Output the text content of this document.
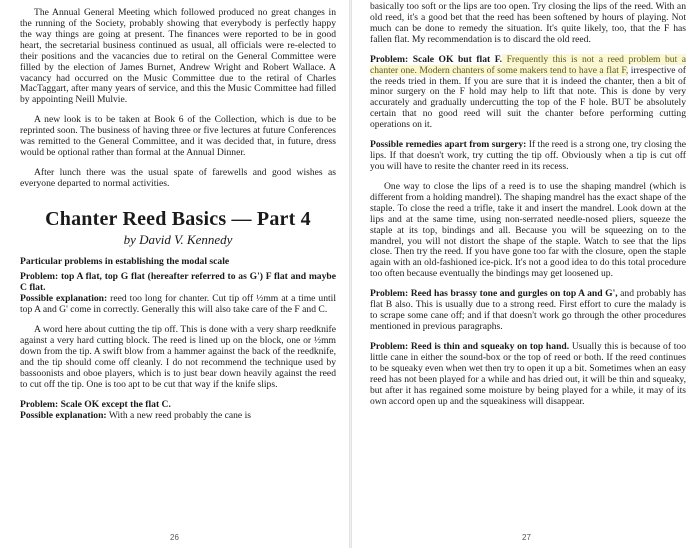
The Annual General Meeting which followed produced no great changes in the running of the Society, probably showing that everybody is perfectly happy the way things are going at present. The finances were reported to be in good heart, the secretarial business continued as usual, all officials were re-elected to their positions and the vacancies due to retiral on the General Committee were filled by the election of James Burnet, Andrew Wright and Robert Wallace. A vacancy had occurred on the Music Committee due to the retiral of Charles MacTaggart, after many years of service, and this the Music Committee had filled by appointing Neill Mulvie.

A new look is to be taken at Book 6 of the Collection, which is due to be reprinted soon. The business of having three or five lectures at future Conferences was remitted to the General Committee, and it was decided that, in future, dress would be optional rather than formal at the Annual Dinner.

After lunch there was the usual spate of farewells and good wishes as everyone departed to normal activities.

Chanter Reed Basics — Part 4
by David V. Kennedy

Particular problems in establishing the modal scale

Problem: top A flat, top G flat (hereafter referred to as G') F flat and maybe C flat.

Possible explanation: reed too long for chanter. Cut tip off ½mm at a time until top A and G' come in correctly. Generally this will also take care of the F and C.

A word here about cutting the tip off. This is done with a very sharp reedknife against a very hard cutting block. The reed is lined up on the block, one or ½mm down from the tip. A swift blow from a hammer against the back of the reedknife, and the tip should come off cleanly. I do not recommend the technique used by bassoonists and oboe players, which is to just bear down heavily against the reed to cut off the tip. One is too apt to be cut that way if the knife slips.

Problem: Scale OK except the flat C.

Possible explanation: With a new reed probably the cane is

26

basically too soft or the lips are too open. Try closing the lips of the reed. With an old reed, it's a good bet that the reed has been softened by hours of playing. Not much can be done to remedy the situation. It's quite likely, too, that the F has fallen flat. My recommendation is to discard the old reed.

Problem: Scale OK but flat F. Frequently this is not a reed problem but a chanter one. Modern chanters of some makers tend to have a flat F, irrespective of the reeds tried in them. If you are sure that it is indeed the chanter, then a bit of minor surgery on the F hold may help to lift that note. This is done by very accurately and gradually undercutting the top of the F hole. BUT be absolutely certain that no good reed will suit the chanter before performing cutting operations on it.

Possible remedies apart from surgery: If the reed is a strong one, try closing the lips. If that doesn't work, try cutting the tip off. Obviously when a tip is cut off you will have to resite the chanter reed in its recess.

One way to close the lips of a reed is to use the shaping mandrel (which is different from a holding mandrel). The shaping mandrel has the exact shape of the staple. To close the reed a trifle, take it and insert the mandrel. Look down at the lips and at the same time, using non-serrated needle-nosed pliers, squeeze the staple at its top, bindings and all. Because you will be squeezing on to the mandrel, you will not distort the shape of the staple. Watch to see that the lips close. Then try the reed. If you have gone too far with the closure, open the staple again with an old-fashioned ice-pick. It's not a good idea to do this total procedure too often because eventually the bindings may get loosened up.

Problem: Reed has brassy tone and gurgles on top A and G', and probably has flat B also. This is usually due to a strong reed. First effort to cure the malady is to scrape some cane off; and if that doesn't work go through the other procedures mentioned in previous paragraphs.

Problem: Reed is thin and squeaky on top hand. Usually this is because of too little cane in either the sound-box or the top of reed or both. If the reed continues to be squeaky even when wet then try to open it up a bit. Sometimes when an easy reed has not been played for a while and has dried out, it will be thin and squeaky, but after it has regained some moisture by being played for a while, it may of its own accord open up and the squeakiness will disappear.

27
